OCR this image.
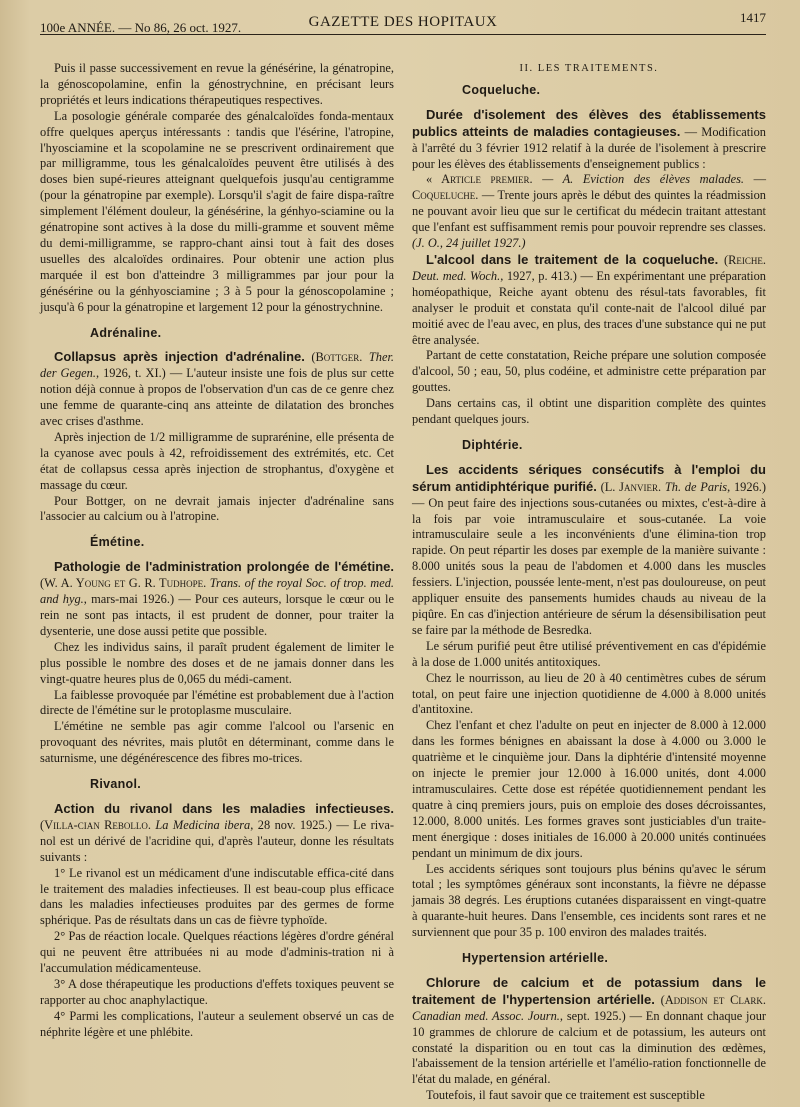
100e ANNÉE. — No 86, 26 oct. 1927.	GAZETTE DES HOPITAUX	1417

Puis il passe successivement en revue la génésérine, la génatropine, la génoscopolamine, enfin la génostrychnine, en précisant leurs propriétés et leurs indications thérapeutiques respectives.

La posologie générale comparée des génalcaloïdes fonda-mentaux offre quelques aperçus intéressants : tandis que l'ésérine, l'atropine, l'hyosciamine et la scopolamine ne se prescrivent ordinairement que par milligramme, tous les génalcaloïdes peuvent être utilisés à des doses bien supé-rieures atteignant quelquefois jusqu'au centigramme (pour la génatropine par exemple). Lorsqu'il s'agit de faire dispa-raître simplement l'élément douleur, la génésérine, la génhyo-sciamine ou la génatropine sont actives à la dose du milli-gramme et souvent même du demi-milligramme, se rappro-chant ainsi tout à fait des doses usuelles des alcaloïdes ordinaires. Pour obtenir une action plus marquée il est bon d'atteindre 3 milligrammes par jour pour la génésérine ou la génhyosciamine ; 3 à 5 pour la génoscopolamine ; jusqu'à 6 pour la génatropine et largement 12 pour la génostrychnine.

Adrénaline.

Collapsus après injection d'adrénaline. (Bottger. Ther. der Gegen., 1926, t. XI.) — L'auteur insiste une fois de plus sur cette notion déjà connue à propos de l'observation d'un cas de ce genre chez une femme de quarante-cinq ans atteinte de dilatation des bronches avec crises d'asthme.

Après injection de 1/2 milligramme de suprarénine, elle présenta de la cyanose avec pouls à 42, refroidissement des extrémités, etc. Cet état de collapsus cessa après injection de strophantus, d'oxygène et massage du cœur.

Pour Bottger, on ne devrait jamais injecter d'adrénaline sans l'associer au calcium ou à l'atropine.

Émétine.

Pathologie de l'administration prolongée de l'émétine. (W. A. Young et G. R. Tudhope. Trans. of the royal Soc. of trop. med. and hyg., mars-mai 1926.) — Pour ces auteurs, lorsque le cœur ou le rein ne sont pas intacts, il est prudent de donner, pour traiter la dysenterie, une dose aussi petite que possible.

Chez les individus sains, il paraît prudent également de limiter le plus possible le nombre des doses et de ne jamais donner dans les vingt-quatre heures plus de 0,065 du médi-cament.

La faiblesse provoquée par l'émétine est probablement due à l'action directe de l'émétine sur le protoplasme musculaire.

L'émétine ne semble pas agir comme l'alcool ou l'arsenic en provoquant des névrites, mais plutôt en déterminant, comme dans le saturnisme, une dégénérescence des fibres mo-trices.

Rivanol.

Action du rivanol dans les maladies infectieuses. (Villa-cian Rebollo. La Medicina ibera, 28 nov. 1925.) — Le riva-nol est un dérivé de l'acridine qui, d'après l'auteur, donne les résultats suivants :

1° Le rivanol est un médicament d'une indiscutable effica-cité dans le traitement des maladies infectieuses. Il est beau-coup plus efficace dans les maladies infectieuses produites par des germes de forme sphérique. Pas de résultats dans un cas de fièvre typhoïde.

2° Pas de réaction locale. Quelques réactions légères d'ordre général qui ne peuvent être attribuées ni au mode d'adminis-tration ni à l'accumulation médicamenteuse.

3° A dose thérapeutique les productions d'effets toxiques peuvent se rapporter au choc anaphylactique.

4° Parmi les complications, l'auteur a seulement observé un cas de néphrite légère et une phlébite.

II. LES TRAITEMENTS.
Coqueluche.

Durée d'isolement des élèves des établissements publics atteints de maladies contagieuses. — Modification à l'arrêté du 3 février 1912 relatif à la durée de l'isolement à prescrire pour les élèves des établissements d'enseignement publics :

« Article premier. — A. Eviction des élèves malades. — Coqueluche. — Trente jours après le début des quintes la réadmission ne pouvant avoir lieu que sur le certificat du médecin traitant attestant que l'enfant est suffisamment remis pour pouvoir reprendre ses classes. (J. O., 24 juillet 1927.)

L'alcool dans le traitement de la coqueluche. (Reiche. Deut. med. Woch., 1927, p. 413.) — En expérimentant une préparation homéopathique, Reiche ayant obtenu des résul-tats favorables, fit analyser le produit et constata qu'il conte-nait de l'alcool dilué par moitié avec de l'eau avec, en plus, des traces d'une substance qui ne put être analysée.

Partant de cette constatation, Reiche prépare une solution composée d'alcool, 50 ; eau, 50, plus codéine, et administre cette préparation par gouttes.

Dans certains cas, il obtint une disparition complète des quintes pendant quelques jours.

Diphtérie.

Les accidents sériques consécutifs à l'emploi du sérum antidiphtérique purifié. (L. Janvier. Th. de Paris, 1926.) — On peut faire des injections sous-cutanées ou mixtes, c'est-à-dire à la fois par voie intramusculaire et sous-cutanée. La voie intramusculaire seule a les inconvénients d'une élimina-tion trop rapide. On peut répartir les doses par exemple de la manière suivante : 8.000 unités sous la peau de l'abdomen et 4.000 dans les muscles fessiers. L'injection, poussée lente-ment, n'est pas douloureuse, on peut appliquer ensuite des pansements humides chauds au niveau de la piqûre. En cas d'injection antérieure de sérum la désensibilisation peut se faire par la méthode de Besredka.

Le sérum purifié peut être utilisé préventivement en cas d'épidémie à la dose de 1.000 unités antitoxiques.

Chez le nourrisson, au lieu de 20 à 40 centimètres cubes de sérum total, on peut faire une injection quotidienne de 4.000 à 8.000 unités d'antitoxine.

Chez l'enfant et chez l'adulte on peut en injecter de 8.000 à 12.000 dans les formes bénignes en abaissant la dose à 4.000 ou 3.000 le quatrième et le cinquième jour. Dans la diphtérie d'intensité moyenne on injecte le premier jour 12.000 à 16.000 unités, dont 4.000 intramusculaires. Cette dose est répétée quotidiennement pendant les quatre à cinq premiers jours, puis on emploie des doses décroissantes, 12.000, 8.000 unités. Les formes graves sont justiciables d'un traite-ment énergique : doses initiales de 16.000 à 20.000 unités continuées pendant un minimum de dix jours.

Les accidents sériques sont toujours plus bénins qu'avec le sérum total ; les symptômes généraux sont inconstants, la fièvre ne dépasse jamais 38 degrés. Les éruptions cutanées disparaissent en vingt-quatre à quarante-huit heures. Dans l'ensemble, ces incidents sont rares et ne surviennent que pour 35 p. 100 environ des malades traités.

Hypertension artérielle.

Chlorure de calcium et de potassium dans le traitement de l'hypertension artérielle. (Addison et Clark. Canadian med. Assoc. Journ., sept. 1925.) — En donnant chaque jour 10 grammes de chlorure de calcium et de potassium, les auteurs ont constaté la disparition ou en tout cas la diminution des œdèmes, l'abaissement de la tension artérielle et l'amélio-ration fonctionnelle de l'état du malade, en général.

Toutefois, il faut savoir que ce traitement est susceptible
